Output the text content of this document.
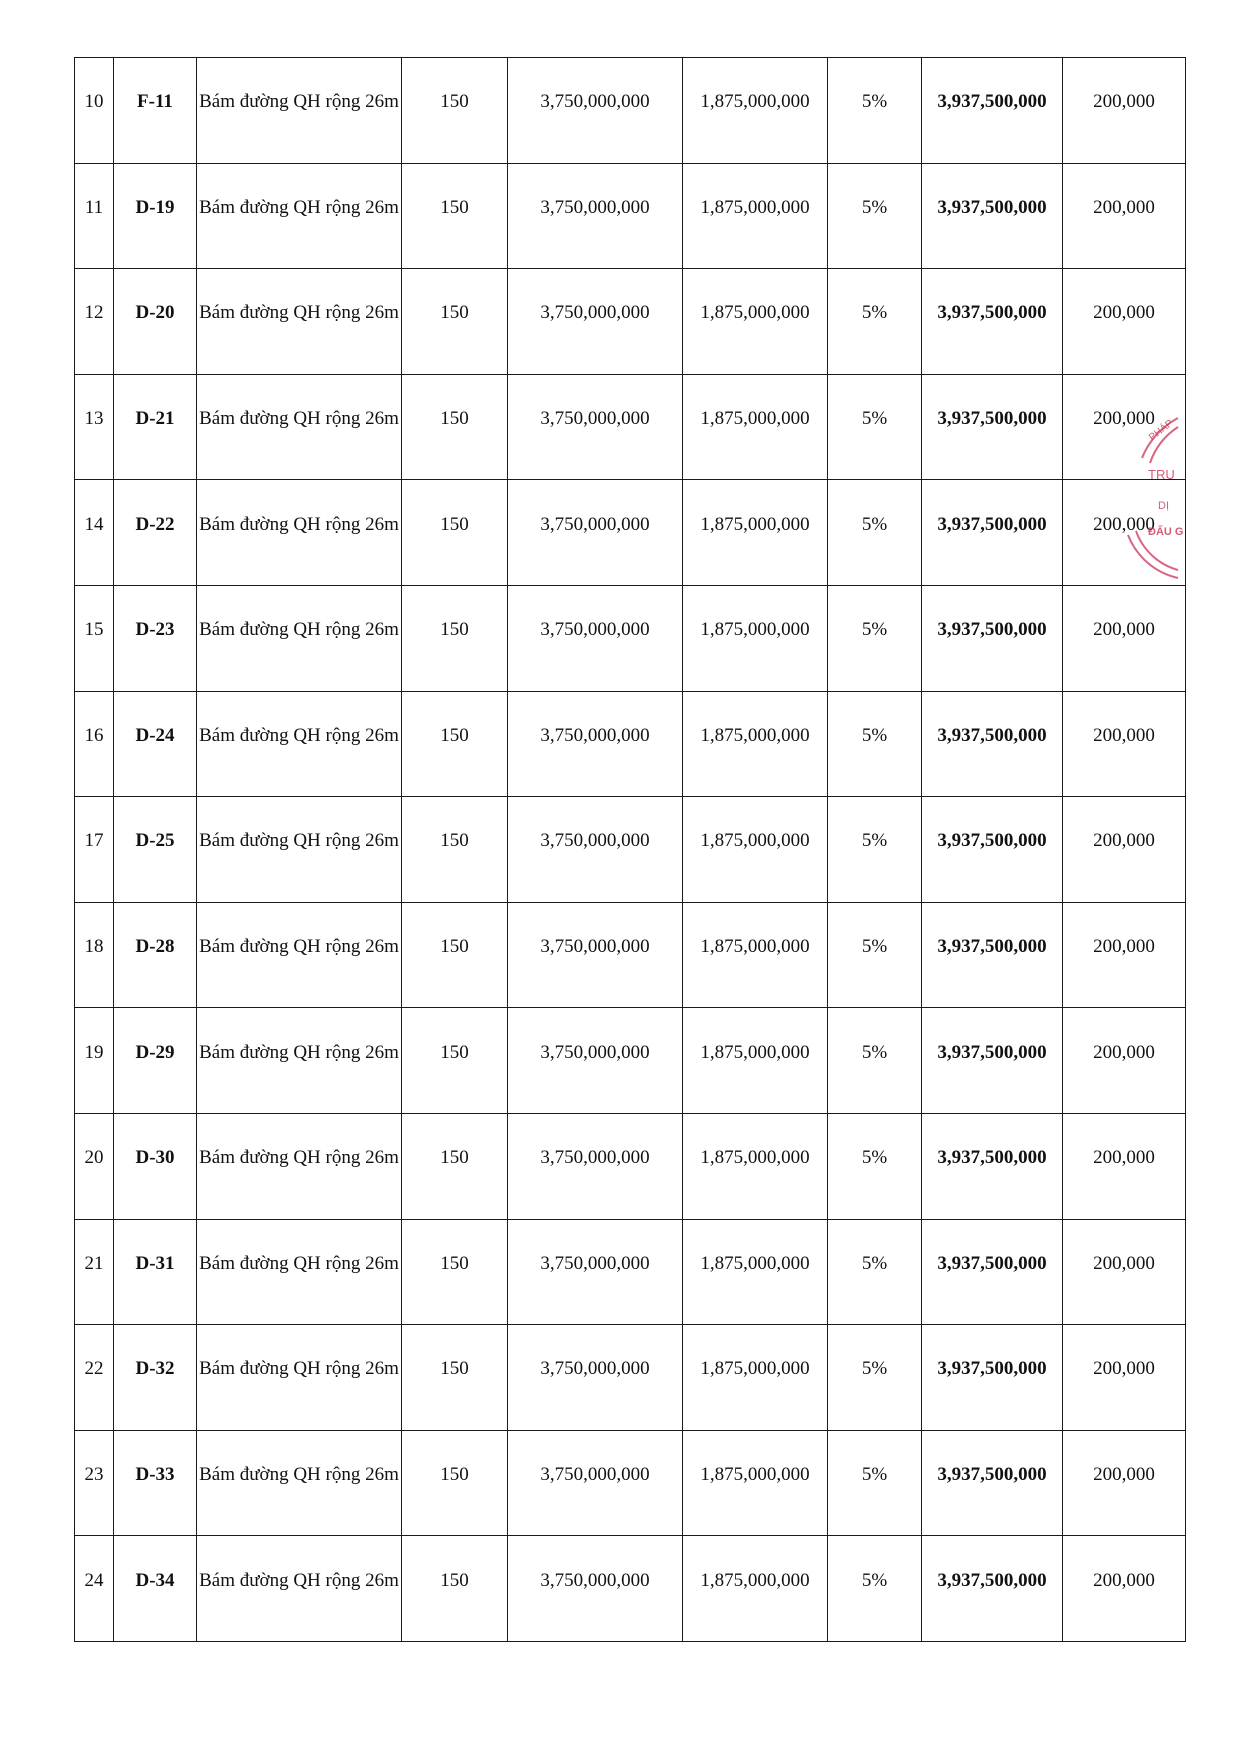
10	F-11	Bám đường QH rộng 26m	150	3,750,000,000	1,875,000,000	5%	3,937,500,000	200,000

11	D-19	Bám đường QH rộng 26m	150	3,750,000,000	1,875,000,000	5%	3,937,500,000	200,000

12	D-20	Bám đường QH rộng 26m	150	3,750,000,000	1,875,000,000	5%	3,937,500,000	200,000

13	D-21	Bám đường QH rộng 26m	150	3,750,000,000	1,875,000,000	5%	3,937,500,000	200,000

14	D-22	Bám đường QH rộng 26m	150	3,750,000,000	1,875,000,000	5%	3,937,500,000	200,000

15	D-23	Bám đường QH rộng 26m	150	3,750,000,000	1,875,000,000	5%	3,937,500,000	200,000

16	D-24	Bám đường QH rộng 26m	150	3,750,000,000	1,875,000,000	5%	3,937,500,000	200,000

17	D-25	Bám đường QH rộng 26m	150	3,750,000,000	1,875,000,000	5%	3,937,500,000	200,000

18	D-28	Bám đường QH rộng 26m	150	3,750,000,000	1,875,000,000	5%	3,937,500,000	200,000

19	D-29	Bám đường QH rộng 26m	150	3,750,000,000	1,875,000,000	5%	3,937,500,000	200,000

20	D-30	Bám đường QH rộng 26m	150	3,750,000,000	1,875,000,000	5%	3,937,500,000	200,000

21	D-31	Bám đường QH rộng 26m	150	3,750,000,000	1,875,000,000	5%	3,937,500,000	200,000

22	D-32	Bám đường QH rộng 26m	150	3,750,000,000	1,875,000,000	5%	3,937,500,000	200,000

23	D-33	Bám đường QH rộng 26m	150	3,750,000,000	1,875,000,000	5%	3,937,500,000	200,000

24	D-34	Bám đường QH rộng 26m	150	3,750,000,000	1,875,000,000	5%	3,937,500,000	200,000
PHÁP
TRU
DỊ
ĐẤU G
